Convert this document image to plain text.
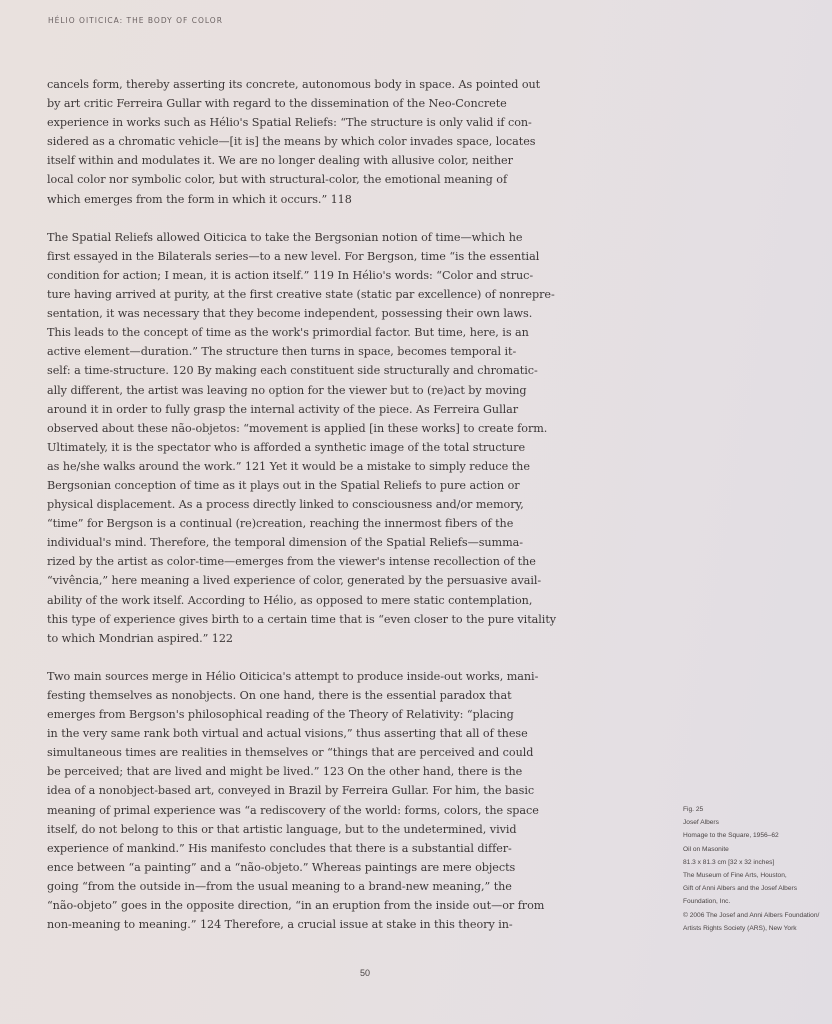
HÉLIO OITICICA: THE BODY OF COLOR
cancels form, thereby asserting its concrete, autonomous body in space. As pointed out
by art critic Ferreira Gullar with regard to the dissemination of the Neo-Concrete
experience in works such as Hélio's Spatial Reliefs: “The structure is only valid if con-
sidered as a chromatic vehicle—[it is] the means by which color invades space, locates
itself within and modulates it. We are no longer dealing with allusive color, neither
local color nor symbolic color, but with structural-color, the emotional meaning of
which emerges from the form in which it occurs.” 118
The Spatial Reliefs allowed Oiticica to take the Bergsonian notion of time—which he
first essayed in the Bilaterals series—to a new level. For Bergson, time “is the essential
condition for action; I mean, it is action itself.” 119 In Hélio's words: “Color and struc-
ture having arrived at purity, at the first creative state (static par excellence) of nonrepre-
sentation, it was necessary that they become independent, possessing their own laws.
This leads to the concept of time as the work's primordial factor. But time, here, is an
active element—duration.” The structure then turns in space, becomes temporal it-
self: a time-structure. 120 By making each constituent side structurally and chromatic-
ally different, the artist was leaving no option for the viewer but to (re)act by moving
around it in order to fully grasp the internal activity of the piece. As Ferreira Gullar
observed about these não-objetos: “movement is applied [in these works] to create form.
Ultimately, it is the spectator who is afforded a synthetic image of the total structure
as he/she walks around the work.” 121 Yet it would be a mistake to simply reduce the
Bergsonian conception of time as it plays out in the Spatial Reliefs to pure action or
physical displacement. As a process directly linked to consciousness and/or memory,
“time” for Bergson is a continual (re)creation, reaching the innermost fibers of the
individual's mind. Therefore, the temporal dimension of the Spatial Reliefs—summa-
rized by the artist as color-time—emerges from the viewer's intense recollection of the
“vivência,” here meaning a lived experience of color, generated by the persuasive avail-
ability of the work itself. According to Hélio, as opposed to mere static contemplation,
this type of experience gives birth to a certain time that is “even closer to the pure vitality
to which Mondrian aspired.” 122
Two main sources merge in Hélio Oiticica's attempt to produce inside-out works, mani-
festing themselves as nonobjects. On one hand, there is the essential paradox that
emerges from Bergson's philosophical reading of the Theory of Relativity: “placing
in the very same rank both virtual and actual visions,” thus asserting that all of these
simultaneous times are realities in themselves or “things that are perceived and could
be perceived; that are lived and might be lived.” 123 On the other hand, there is the
idea of a nonobject-based art, conveyed in Brazil by Ferreira Gullar. For him, the basic
meaning of primal experience was “a rediscovery of the world: forms, colors, the space
itself, do not belong to this or that artistic language, but to the undetermined, vivid
experience of mankind.” His manifesto concludes that there is a substantial differ-
ence between “a painting” and a “não-objeto.” Whereas paintings are mere objects
going “from the outside in—from the usual meaning to a brand-new meaning,” the
“não-objeto” goes in the opposite direction, “in an eruption from the inside out—or from
non-meaning to meaning.” 124 Therefore, a crucial issue at stake in this theory in-
Fig. 25
Josef Albers
Homage to the Square, 1956–62
Oil on Masonite
81.3 x 81.3 cm [32 x 32 inches]
The Museum of Fine Arts, Houston,
Gift of Anni Albers and the Josef Albers
Foundation, Inc.
© 2006 The Josef and Anni Albers Foundation/
Artists Rights Society (ARS), New York
50
